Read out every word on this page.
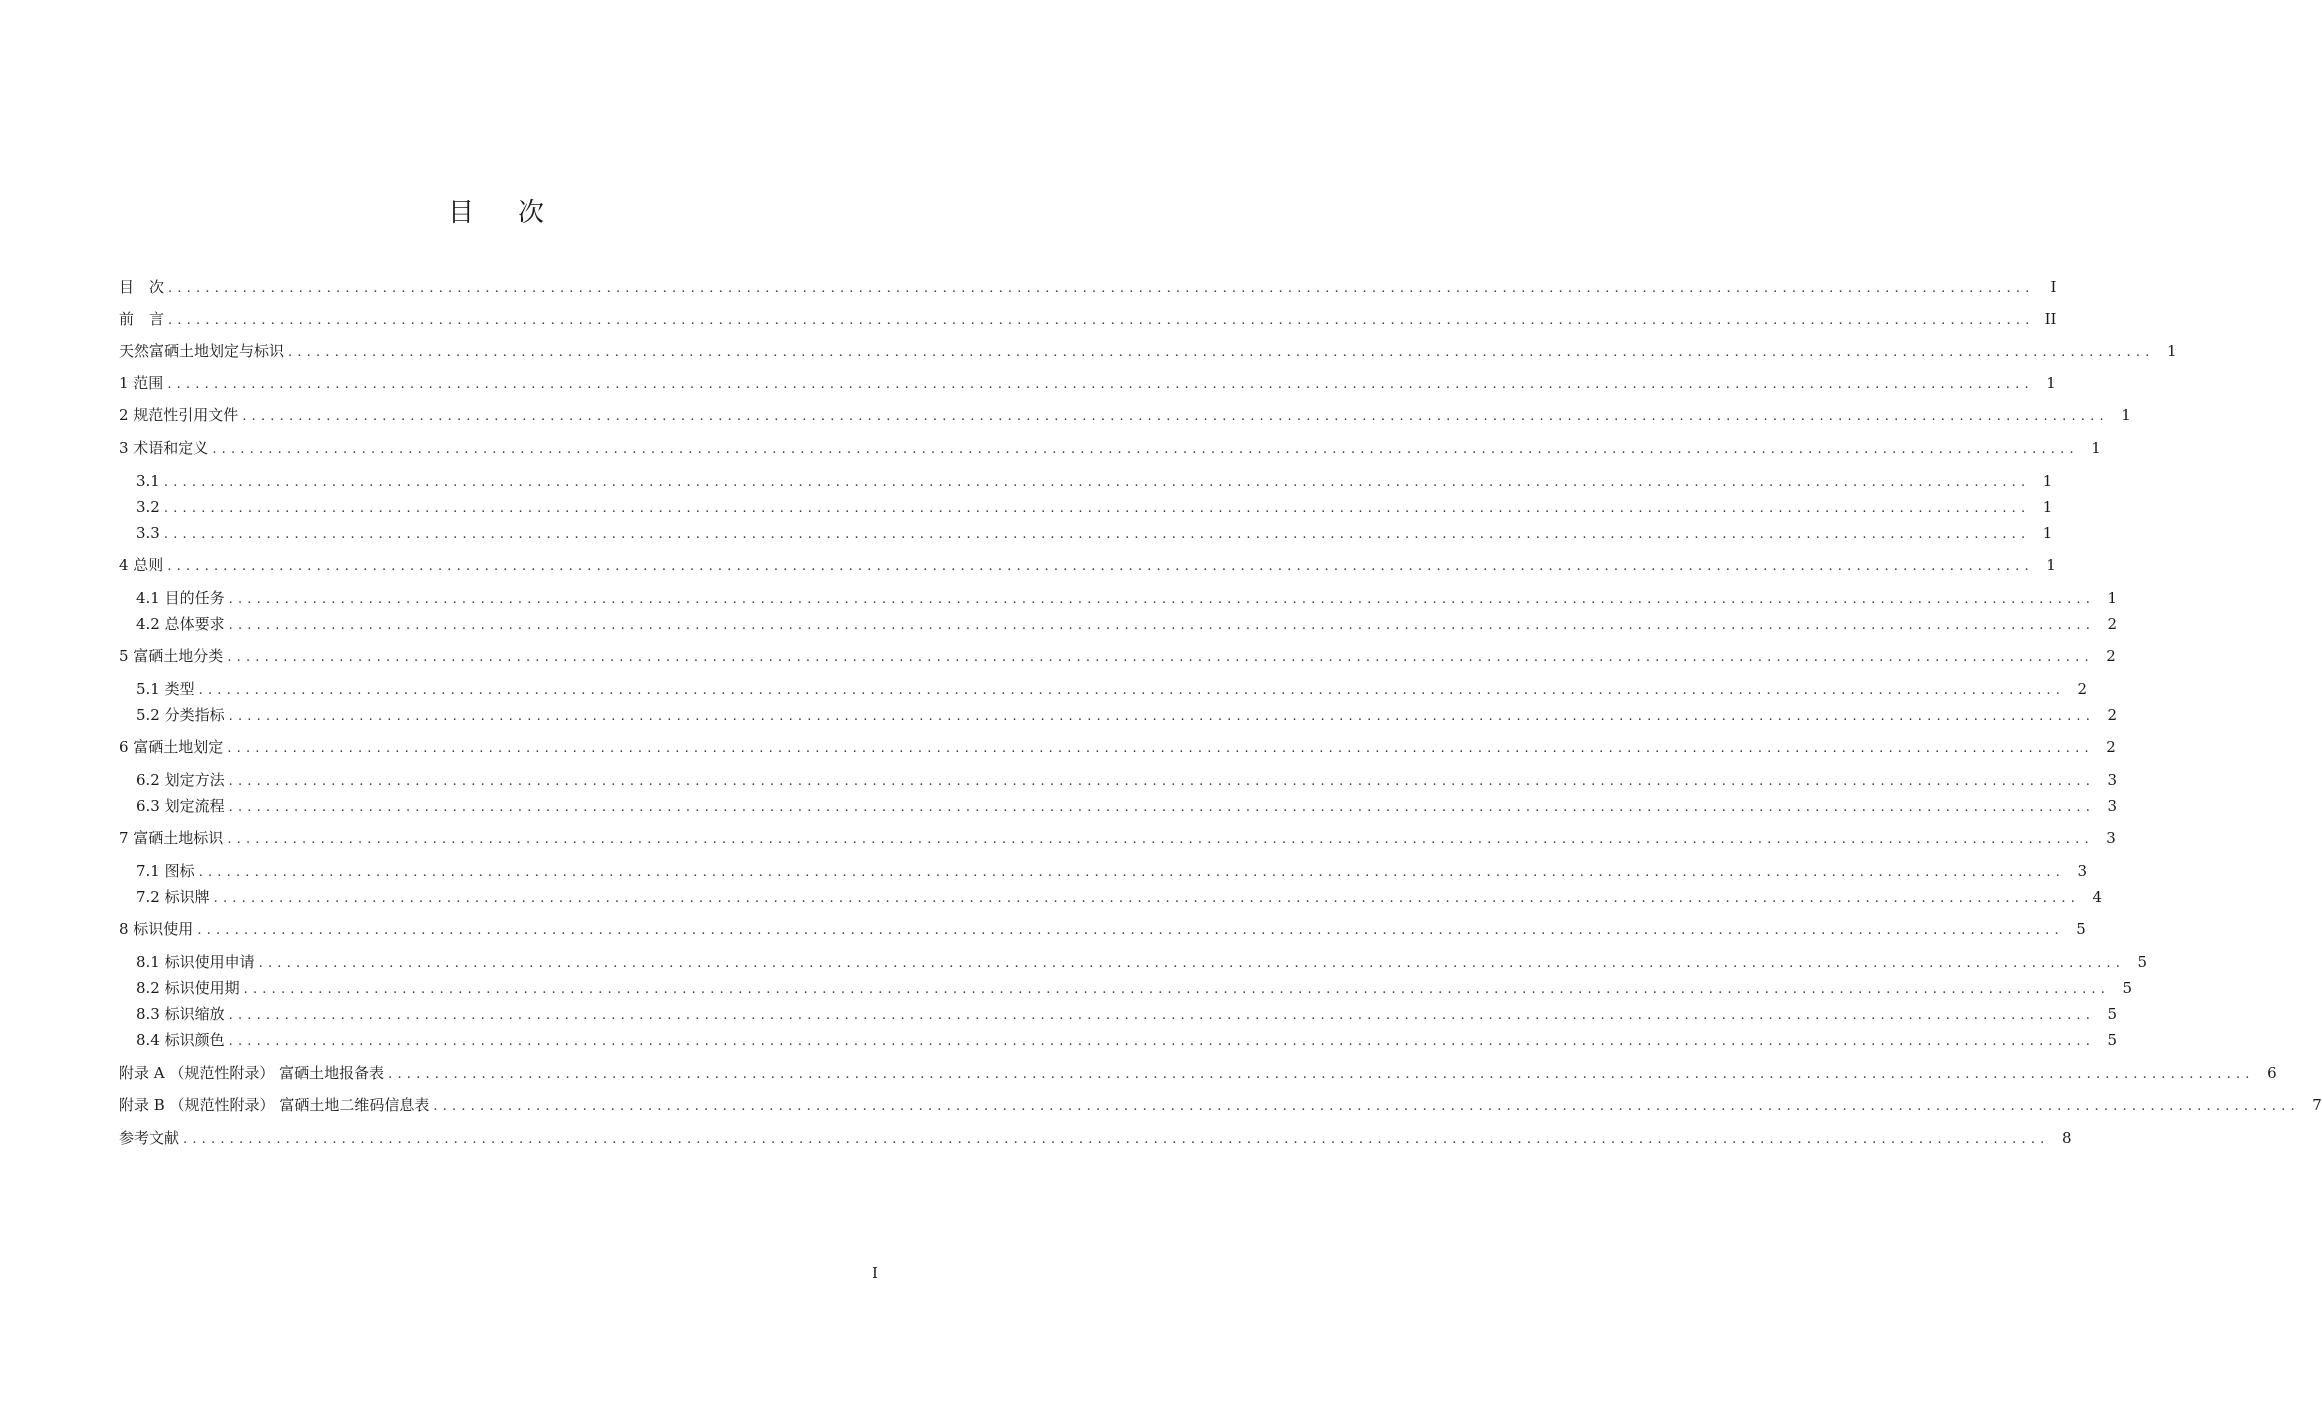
目 次
目　次 ........................................................................................................................................................................................................	I
前　言 ........................................................................................................................................................................................................ II
天然富硒土地划定与标识 ........................................................................................................................................................................................................ 1
1 范围 ........................................................................................................................................................................................................ 1
2 规范性引用文件 ........................................................................................................................................................................................................ 1
3 术语和定义 ........................................................................................................................................................................................................ 1
3.1 ........................................................................................................................................................................................................ 1
3.2 ........................................................................................................................................................................................................ 1
3.3 ........................................................................................................................................................................................................ 1
4 总则 ........................................................................................................................................................................................................ 1
4.1 目的任务 ........................................................................................................................................................................................................ 1
4.2 总体要求 ........................................................................................................................................................................................................ 2
5 富硒土地分类 ........................................................................................................................................................................................................ 2
5.1 类型 ........................................................................................................................................................................................................ 2
5.2 分类指标 ........................................................................................................................................................................................................ 2
6 富硒土地划定 ........................................................................................................................................................................................................ 2
6.2 划定方法 ........................................................................................................................................................................................................ 3
6.3 划定流程 ........................................................................................................................................................................................................ 3
7 富硒土地标识 ........................................................................................................................................................................................................ 3
7.1 图标 ........................................................................................................................................................................................................ 3
7.2 标识牌 ........................................................................................................................................................................................................ 4
8 标识使用 ........................................................................................................................................................................................................ 5
8.1 标识使用申请 ........................................................................................................................................................................................................ 5
8.2 标识使用期 ........................................................................................................................................................................................................ 5
8.3 标识缩放 ........................................................................................................................................................................................................ 5
8.4 标识颜色 ........................................................................................................................................................................................................ 5
附录 A （规范性附录） 富硒土地报备表 ........................................................................................................................................................................................................ 6
附录 B （规范性附录） 富硒土地二维码信息表 ........................................................................................................................................................................................................ 7
参考文献 ........................................................................................................................................................................................................ 8
I
